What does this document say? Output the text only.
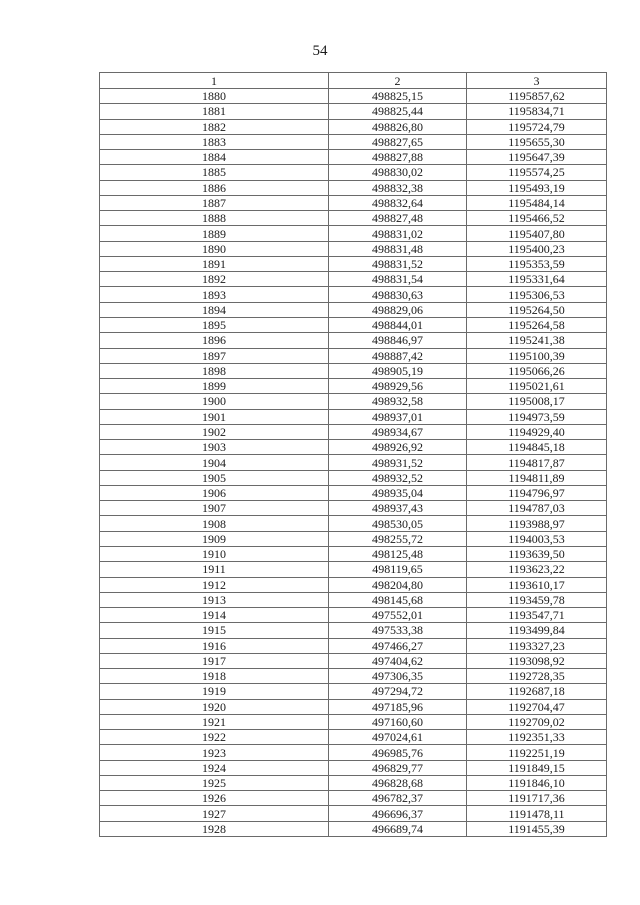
54
1	2	3
1880	498825,15	1195857,62
1881	498825,44	1195834,71
1882	498826,80	1195724,79
1883	498827,65	1195655,30
1884	498827,88	1195647,39
1885	498830,02	1195574,25
1886	498832,38	1195493,19
1887	498832,64	1195484,14
1888	498827,48	1195466,52
1889	498831,02	1195407,80
1890	498831,48	1195400,23
1891	498831,52	1195353,59
1892	498831,54	1195331,64
1893	498830,63	1195306,53
1894	498829,06	1195264,50
1895	498844,01	1195264,58
1896	498846,97	1195241,38
1897	498887,42	1195100,39
1898	498905,19	1195066,26
1899	498929,56	1195021,61
1900	498932,58	1195008,17
1901	498937,01	1194973,59
1902	498934,67	1194929,40
1903	498926,92	1194845,18
1904	498931,52	1194817,87
1905	498932,52	1194811,89
1906	498935,04	1194796,97
1907	498937,43	1194787,03
1908	498530,05	1193988,97
1909	498255,72	1194003,53
1910	498125,48	1193639,50
1911	498119,65	1193623,22
1912	498204,80	1193610,17
1913	498145,68	1193459,78
1914	497552,01	1193547,71
1915	497533,38	1193499,84
1916	497466,27	1193327,23
1917	497404,62	1193098,92
1918	497306,35	1192728,35
1919	497294,72	1192687,18
1920	497185,96	1192704,47
1921	497160,60	1192709,02
1922	497024,61	1192351,33
1923	496985,76	1192251,19
1924	496829,77	1191849,15
1925	496828,68	1191846,10
1926	496782,37	1191717,36
1927	496696,37	1191478,11
1928	496689,74	1191455,39
